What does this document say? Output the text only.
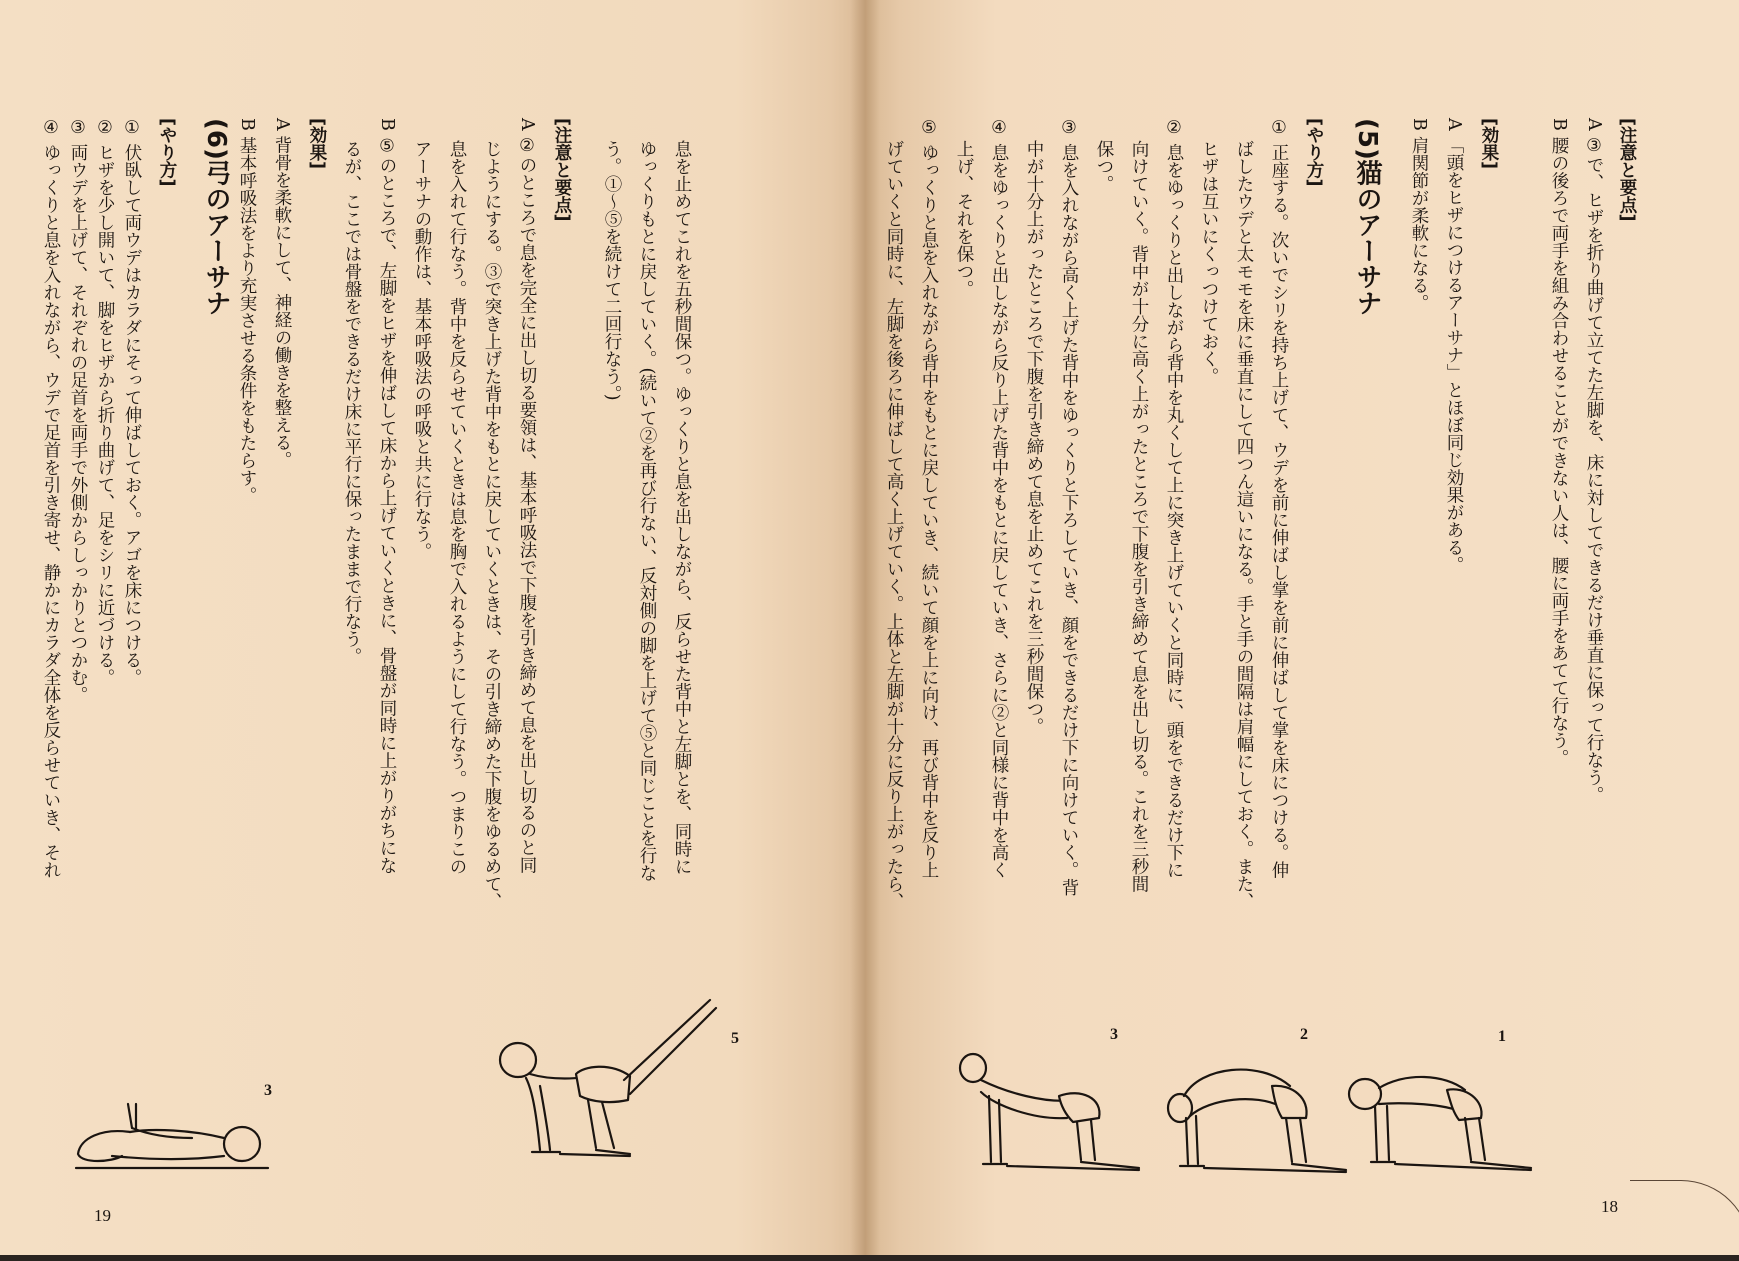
[注意と要点]
A ③で、ヒザを折り曲げて立てた左脚を、床に対してできるだけ垂直に保って行なう。
B 腰の後ろで両手を組み合わせることができない人は、腰に両手をあてて行なう。
[効果]
A 「頭をヒザにつけるアーサナ」とほぼ同じ効果がある。
B 肩関節が柔軟になる。
(5)猫のアーサナ
[やり方]
① 正座する。次いでシリを持ち上げて、ウデを前に伸ばし掌を前に伸ばして掌を床につける。伸
ばしたウデと太モモを床に垂直にして四つん這いになる。手と手の間隔は肩幅にしておく。また、
ヒザは互いにくっつけておく。
② 息をゆっくりと出しながら背中を丸くして上に突き上げていくと同時に、頭をできるだけ下に
向けていく。背中が十分に高く上がったところで下腹を引き締めて息を出し切る。これを三秒間
保つ。
③ 息を入れながら高く上げた背中をゆっくりと下ろしていき、顔をできるだけ下に向けていく。背
中が十分上がったところで下腹を引き締めて息を止めてこれを三秒間保つ。
④ 息をゆっくりと出しながら反り上げた背中をもとに戻していき、さらに②と同様に背中を高く
上げ、それを保つ。
⑤ ゆっくりと息を入れながら背中をもとに戻していき、続いて顔を上に向け、再び背中を反り上
げていくと同時に、左脚を後ろに伸ばして高く上げていく。上体と左脚が十分に反り上がったら、
1
2
3
18
息を止めてこれを五秒間保つ。ゆっくりと息を出しながら、反らせた背中と左脚とを、同時に
ゆっくりもとに戻していく。(続いて②を再び行ない、反対側の脚を上げて⑤と同じことを行な
う。①～⑤を続けて二回行なう。)
[注意と要点]
A ②のところで息を完全に出し切る要領は、基本呼吸法で下腹を引き締めて息を出し切るのと同
じようにする。③で突き上げた背中をもとに戻していくときは、その引き締めた下腹をゆるめて、
息を入れて行なう。背中を反らせていくときは息を胸で入れるようにして行なう。つまりこの
アーサナの動作は、基本呼吸法の呼吸と共に行なう。
B ⑤のところで、左脚をヒザを伸ばして床から上げていくときに、骨盤が同時に上がりがちにな
るが、ここでは骨盤をできるだけ床に平行に保ったままで行なう。
[効果]
A 背骨を柔軟にして、神経の働きを整える。
B 基本呼吸法をより充実させる条件をもたらす。
(6)弓のアーサナ
[やり方]
① 伏臥して両ウデはカラダにそって伸ばしておく。アゴを床につける。
② ヒザを少し開いて、脚をヒザから折り曲げて、足をシリに近づける。
③ 両ウデを上げて、それぞれの足首を両手で外側からしっかりとつかむ。
④ ゆっくりと息を入れながら、ウデで足首を引き寄せ、静かにカラダ全体を反らせていき、それ
5
3
19
